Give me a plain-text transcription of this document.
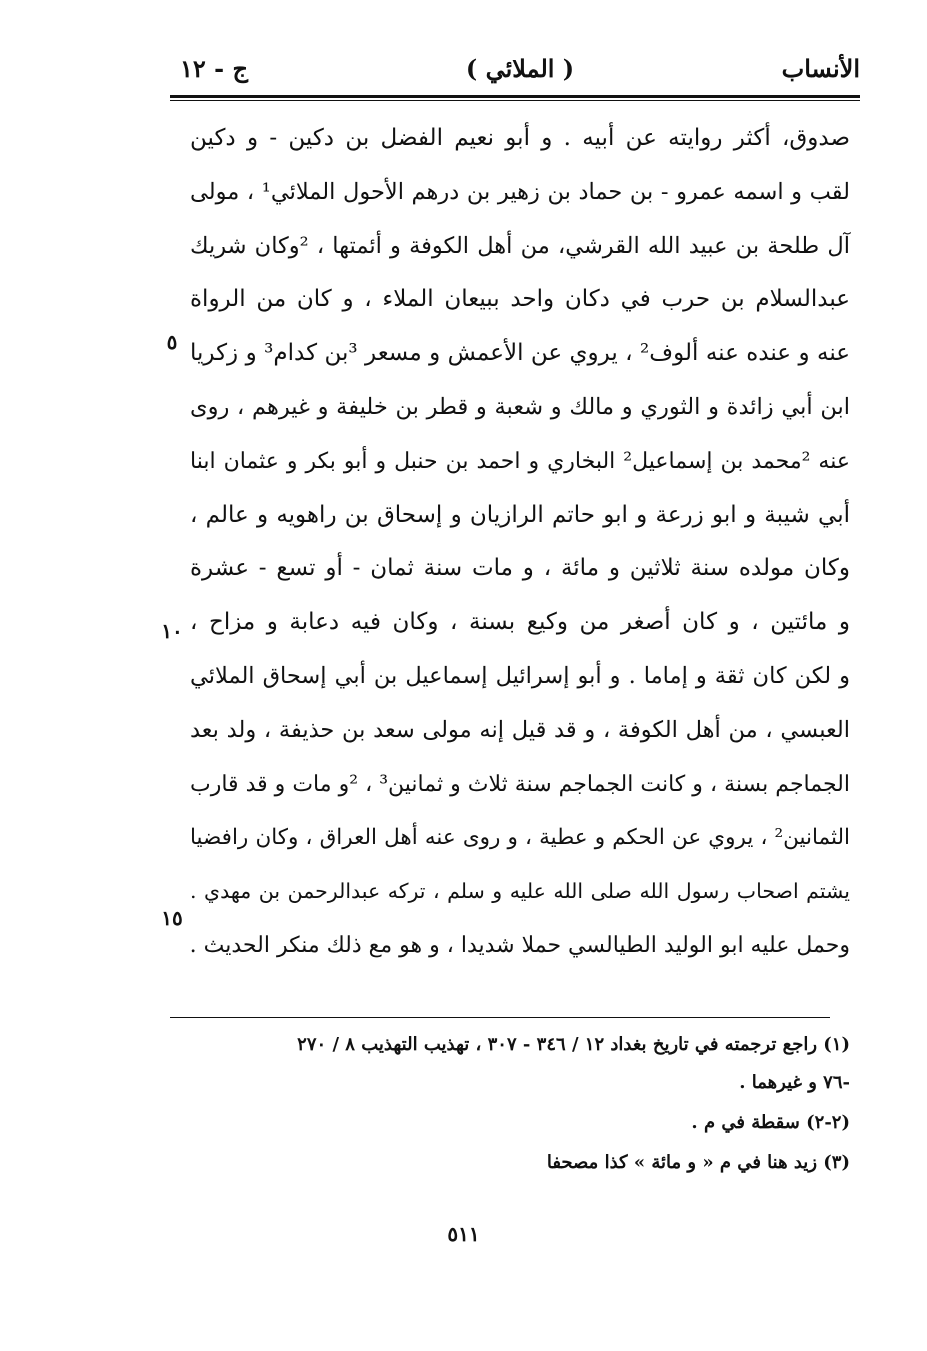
الأنساب
( الملائي )
ج - ١٢
صدوق، أكثر روايته عن أبيه . و أبو نعيم الفضل بن دكين - و دكين
لقب و اسمه عمرو - بن حماد بن زهير بن درهم الأحول الملائي¹ ، مولى
آل طلحة بن عبيد الله القرشي، من أهل الكوفة و أئمتها ، ²وكان شريك
عبدالسلام بن حرب في دكان واحد ببيعان الملاء ، و كان من الرواة
عنه و عنده عنه ألوف² ، يروي عن الأعمش و مسعر ³بن كدام³ و زكريا
ابن أبي زائدة و الثوري و مالك و شعبة و قطر بن خليفة و غيرهم ، روى
عنه ²محمد بن إسماعيل² البخاري و احمد بن حنبل و أبو بكر و عثمان ابنا
أبي شيبة و ابو زرعة و ابو حاتم الرازيان و إسحاق بن راهويه و عالم ،
وكان مولده سنة ثلاثين و مائة ، و مات سنة ثمان - أو تسع - عشرة
و مائتين ، و كان أصغر من وكيع بسنة ، وكان فيه دعابة و مزاح ،
و لكن كان ثقة و إماما . و أبو إسرائيل إسماعيل بن أبي إسحاق الملائي
العبسي ، من أهل الكوفة ، و قد قيل إنه مولى سعد بن حذيفة ، ولد بعد
الجماجم بسنة ، و كانت الجماجم سنة ثلاث و ثمانين³ ، ²و مات و قد قارب
الثمانين² ، يروي عن الحكم و عطية ، و روى عنه أهل العراق ، وكان رافضيا
يشتم اصحاب رسول الله صلى الله عليه و سلم ، ترکه عبدالرحمن بن مهدي .
وحمل عليه ابو الوليد الطيالسي حملا شديدا ، و هو مع ذلك منكر الحديث .
٥
١٠
١٥
(١) راجع ترجمته في تاريخ بغداد ١٢ / ٣٤٦ - ٣٠٧ ، تهذيب التهذيب ٨ / ٢٧٠
-٧٦ و غيرهما .
(٢-٢) سقطة في م .
(٣) زيد هنا في م « و مائة » كذا مصحفا
٥١١
